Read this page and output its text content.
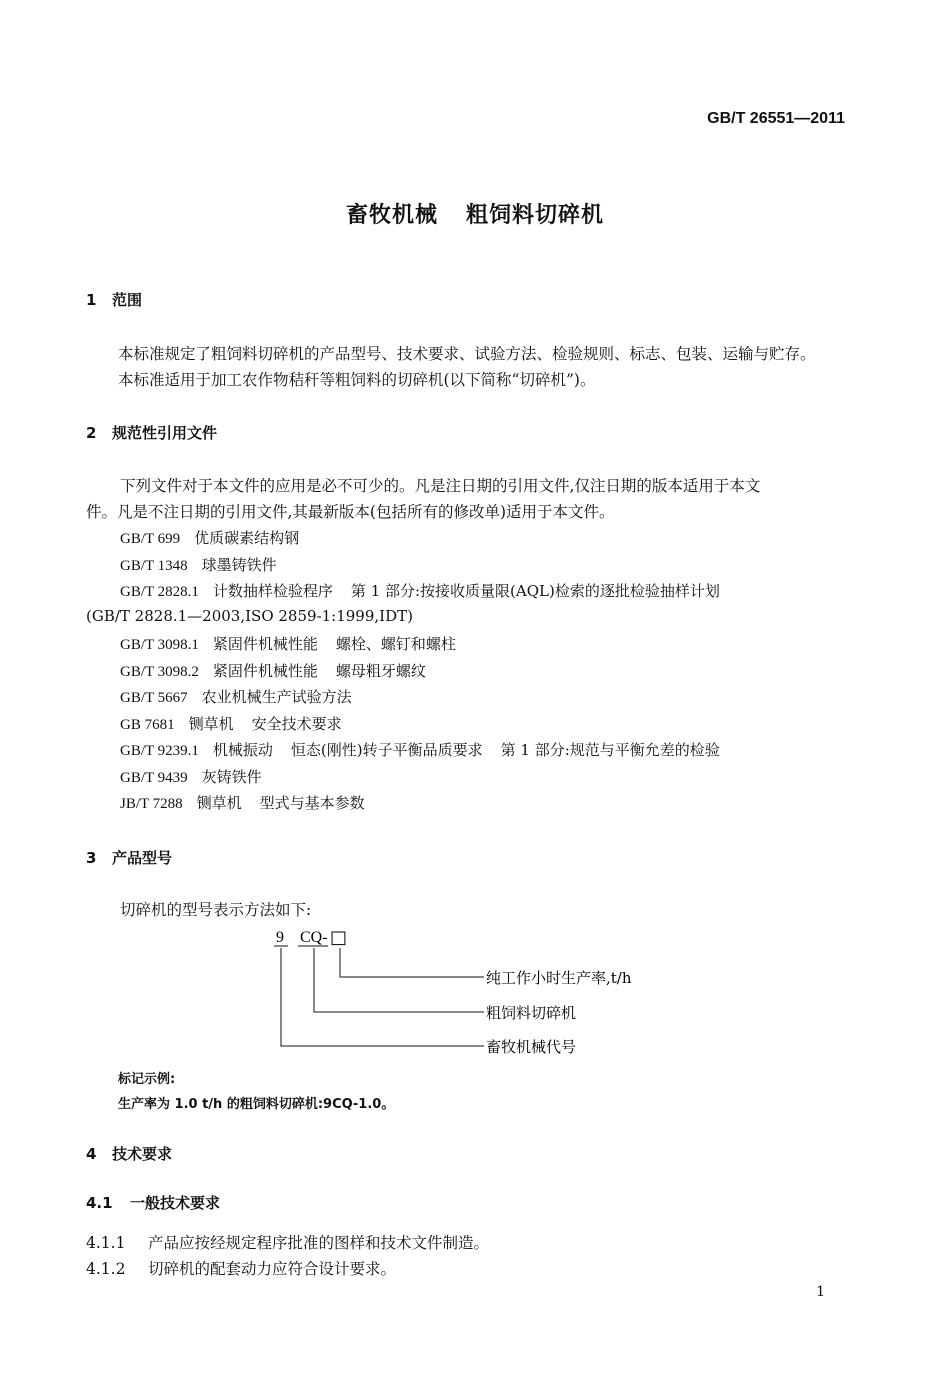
GB/T 26551—2011
畜牧机械 粗饲料切碎机
1 范围
本标准规定了粗饲料切碎机的产品型号、技术要求、试验方法、检验规则、标志、包装、运输与贮存。
本标准适用于加工农作物秸秆等粗饲料的切碎机(以下简称“切碎机”)。
2 规范性引用文件
下列文件对于本文件的应用是必不可少的。凡是注日期的引用文件,仅注日期的版本适用于本文
件。凡是不注日期的引用文件,其最新版本(包括所有的修改单)适用于本文件。
GB/T 699 优质碳素结构钢
GB/T 1348 球墨铸铁件
GB/T 2828.1 计数抽样检验程序 第 1 部分:按接收质量限(AQL)检索的逐批检验抽样计划
(GB/T 2828.1—2003,ISO 2859-1:1999,IDT)
GB/T 3098.1 紧固件机械性能 螺栓、螺钉和螺柱
GB/T 3098.2 紧固件机械性能 螺母粗牙螺纹
GB/T 5667 农业机械生产试验方法
GB 7681 铡草机 安全技术要求
GB/T 9239.1 机械振动 恒态(刚性)转子平衡品质要求 第 1 部分:规范与平衡允差的检验
GB/T 9439 灰铸铁件
JB/T 7288 铡草机 型式与基本参数
3 产品型号
切碎机的型号表示方法如下:
9 CQ- □
纯工作小时生产率,t/h
粗饲料切碎机
畜牧机械代号
标记示例:
生产率为 1.0 t/h 的粗饲料切碎机:9CQ-1.0。
4 技术要求
4.1 一般技术要求
4.1.1 产品应按经规定程序批准的图样和技术文件制造。
4.1.2 切碎机的配套动力应符合设计要求。
1
